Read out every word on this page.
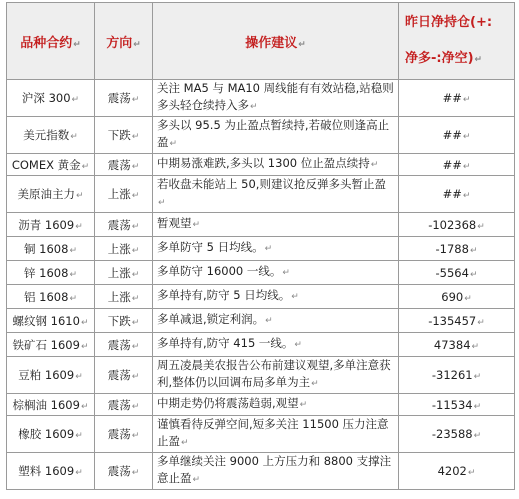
品种合约↵	方向↵	操作建议↵	昨日净持仓(+:
净多-:净空)↵

沪深 300↵	震荡↵	关注 MA5 与 MA10 周线能有有效站稳,站稳则多头轻仓续持入多↵	##↵
美元指数↵	下跌↵	多头以 95.5 为止盈点暂续持,若破位则逢高止盈↵	##↵
COMEX 黄金↵	震荡↵	中期易涨难跌,多头以 1300 位止盈点续持↵	##↵
美原油主力↵	上涨↵	若收盘未能站上 50,则建议抢反弹多头暂止盈↵	##↵
沥青 1609↵	震荡↵	暂观望↵	-102368↵
铜 1608↵	上涨↵	多单防守 5 日均线。↵	-1788↵
锌 1608↵	上涨↵	多单防守 16000 一线。↵	-5564↵
铝 1608↵	上涨↵	多单持有,防守 5 日均线。↵	690↵
螺纹钢 1610↵	下跌↵	多单减退,锁定利润。↵	-135457↵
铁矿石 1609↵	震荡↵	多单持有,防守 415 一线。↵	47384↵
豆粕 1609↵	震荡↵	周五凌晨美农报告公布前建议观望,多单注意获利,整体仍以回调布局多单为主↵	-31261↵
棕榈油 1609↵	震荡↵	中期走势仍将震荡趋弱,观望↵	-11534↵
橡胶 1609↵	震荡↵	谨慎看待反弹空间,短多关注 11500 压力注意止盈↵	-23588↵
塑料 1609↵	震荡↵	多单继续关注 9000 上方压力和 8800 支撑注意止盈↵	4202↵
